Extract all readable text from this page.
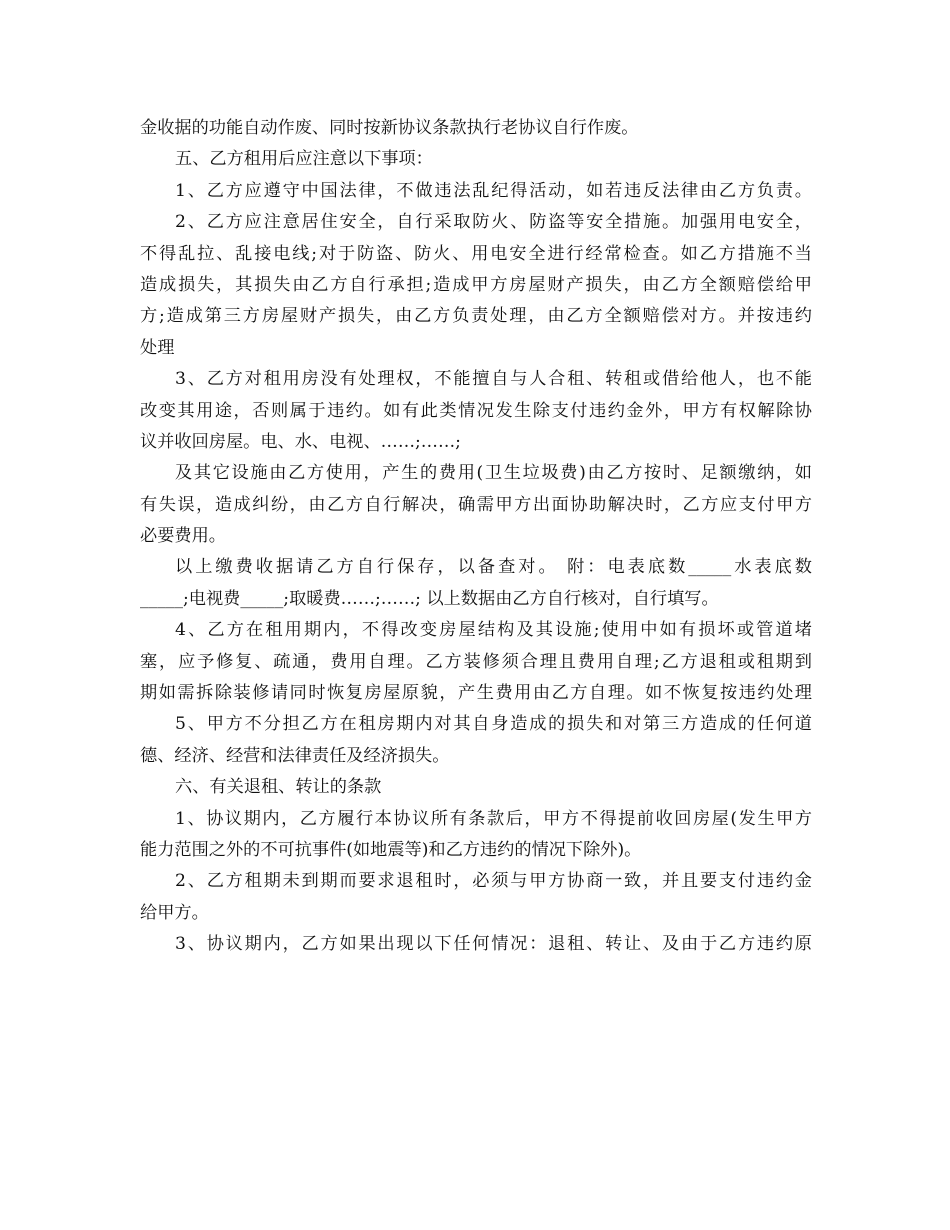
金收据的功能自动作废、同时按新协议条款执行老协议自行作废。
五、乙方租用后应注意以下事项：
1、乙方应遵守中国法律，不做违法乱纪得活动，如若违反法律由乙方负责。
2、乙方应注意居住安全，自行采取防火、防盗等安全措施。加强用电安全，
不得乱拉、乱接电线;对于防盗、防火、用电安全进行经常检查。如乙方措施不当
造成损失，其损失由乙方自行承担;造成甲方房屋财产损失，由乙方全额赔偿给甲
方;造成第三方房屋财产损失，由乙方负责处理，由乙方全额赔偿对方。并按违约
处理
3、乙方对租用房没有处理权，不能擅自与人合租、转租或借给他人，也不能
改变其用途，否则属于违约。如有此类情况发生除支付违约金外，甲方有权解除协
议并收回房屋。电、水、电视、……;……;
及其它设施由乙方使用，产生的费用(卫生垃圾费)由乙方按时、足额缴纳，如
有失误，造成纠纷，由乙方自行解决，确需甲方出面协助解决时，乙方应支付甲方
必要费用。
以上缴费收据请乙方自行保存，以备查对。 附：电表底数_____水表底数
_____;电视费_____;取暖费……;……; 以上数据由乙方自行核对，自行填写。
4、乙方在租用期内，不得改变房屋结构及其设施;使用中如有损坏或管道堵
塞，应予修复、疏通，费用自理。乙方装修须合理且费用自理;乙方退租或租期到
期如需拆除装修请同时恢复房屋原貌，产生费用由乙方自理。如不恢复按违约处理
5、甲方不分担乙方在租房期内对其自身造成的损失和对第三方造成的任何道
德、经济、经营和法律责任及经济损失。
六、有关退租、转让的条款
1、协议期内，乙方履行本协议所有条款后，甲方不得提前收回房屋(发生甲方
能力范围之外的不可抗事件(如地震等)和乙方违约的情况下除外)。
2、乙方租期未到期而要求退租时，必须与甲方协商一致，并且要支付违约金
给甲方。
3、协议期内，乙方如果出现以下任何情况：退租、转让、及由于乙方违约原
